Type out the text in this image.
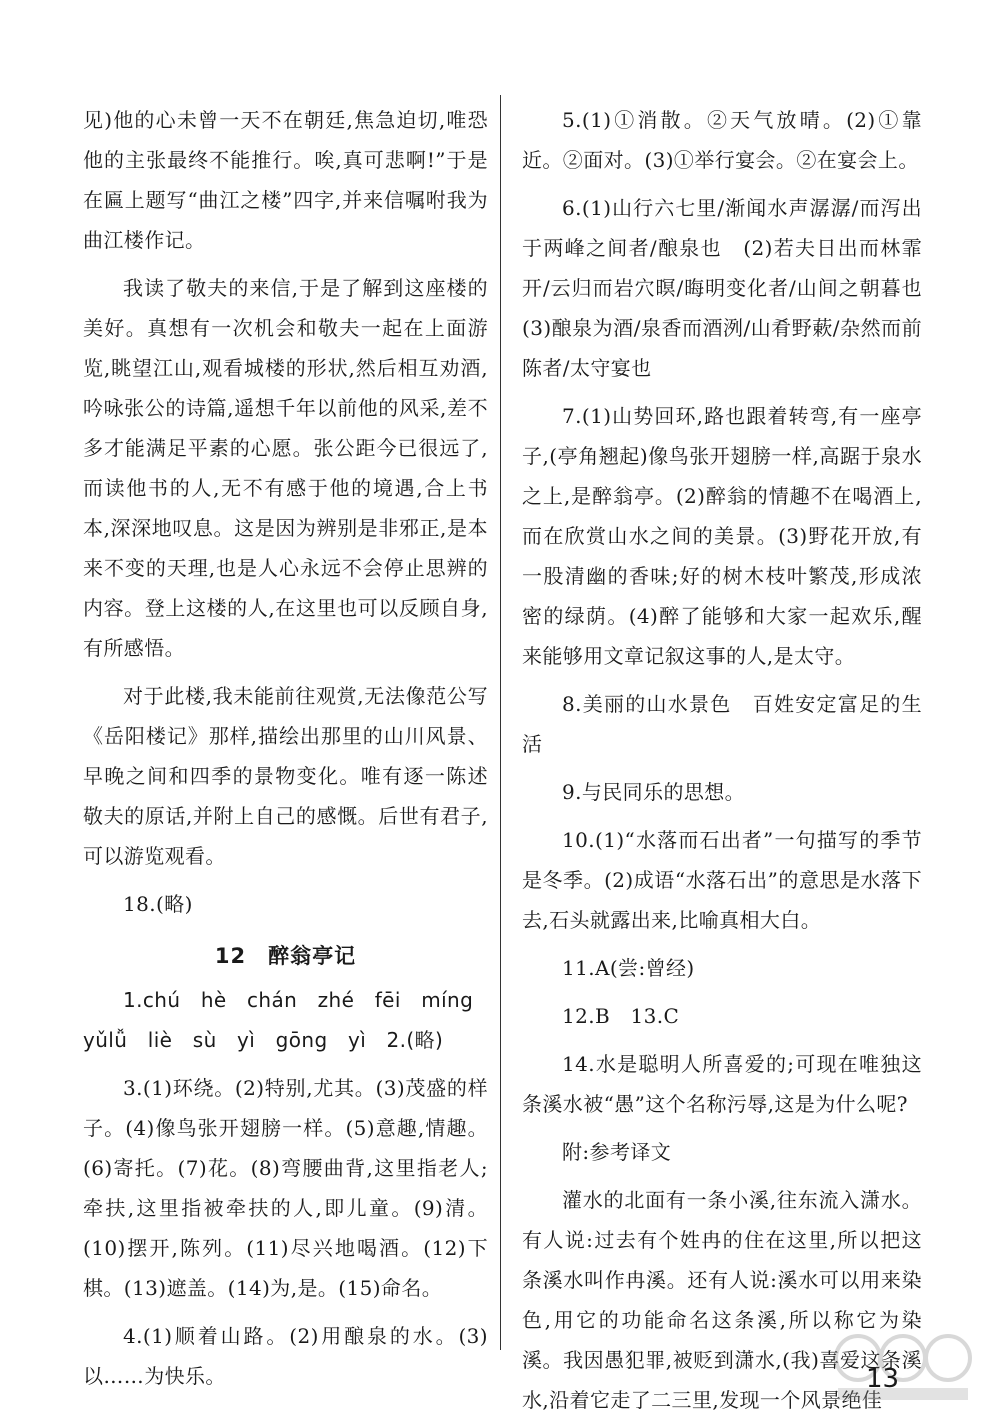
见)他的心未曾一天不在朝廷,焦急迫切,唯恐他的主张最终不能推行。唉,真可悲啊!”于是在匾上题写“曲江之楼”四字,并来信嘱咐我为曲江楼作记。

我读了敬夫的来信,于是了解到这座楼的美好。真想有一次机会和敬夫一起在上面游览,眺望江山,观看城楼的形状,然后相互劝酒,吟咏张公的诗篇,遥想千年以前他的风采,差不多才能满足平素的心愿。张公距今已很远了,而读他书的人,无不有感于他的境遇,合上书本,深深地叹息。这是因为辨别是非邪正,是本来不变的天理,也是人心永远不会停止思辨的内容。登上这楼的人,在这里也可以反顾自身,有所感悟。

对于此楼,我未能前往观赏,无法像范公写《岳阳楼记》那样,描绘出那里的山川风景、早晚之间和四季的景物变化。唯有逐一陈述敬夫的原话,并附上自己的感慨。后世有君子,可以游览观看。

18.(略)

12　醉翁亭记

1.chú　hè　chán　zhé　fēi　míng

yǔlǚ　liè　sù　yì　gōng　yì　2.(略)

3.(1)环绕。(2)特别,尤其。(3)茂盛的样子。(4)像鸟张开翅膀一样。(5)意趣,情趣。(6)寄托。(7)花。(8)弯腰曲背,这里指老人;牵扶,这里指被牵扶的人,即儿童。(9)清。(10)摆开,陈列。(11)尽兴地喝酒。(12)下棋。(13)遮盖。(14)为,是。(15)命名。

4.(1)顺着山路。(2)用酿泉的水。(3)以……为快乐。

5.(1)①消散。②天气放晴。(2)①靠近。②面对。(3)①举行宴会。②在宴会上。

6.(1)山行六七里/渐闻水声潺潺/而泻出于两峰之间者/酿泉也　(2)若夫日出而林霏开/云归而岩穴暝/晦明变化者/山间之朝暮也　(3)酿泉为酒/泉香而酒洌/山肴野蔌/杂然而前陈者/太守宴也

7.(1)山势回环,路也跟着转弯,有一座亭子,(亭角翘起)像鸟张开翅膀一样,高踞于泉水之上,是醉翁亭。(2)醉翁的情趣不在喝酒上,而在欣赏山水之间的美景。(3)野花开放,有一股清幽的香味;好的树木枝叶繁茂,形成浓密的绿荫。(4)醉了能够和大家一起欢乐,醒来能够用文章记叙这事的人,是太守。

8.美丽的山水景色　百姓安定富足的生活

9.与民同乐的思想。

10.(1)“水落而石出者”一句描写的季节是冬季。(2)成语“水落石出”的意思是水落下去,石头就露出来,比喻真相大白。

11.A(尝:曾经)

12.B　13.C

14.水是聪明人所喜爱的;可现在唯独这条溪水被“愚”这个名称污辱,这是为什么呢?

附:参考译文

灌水的北面有一条小溪,往东流入潇水。有人说:过去有个姓冉的住在这里,所以把这条溪水叫作冉溪。还有人说:溪水可以用来染色,用它的功能命名这条溪,所以称它为染溪。我因愚犯罪,被贬到潇水,(我)喜爱这条溪水,沿着它走了二三里,发现一个风景绝佳

13
